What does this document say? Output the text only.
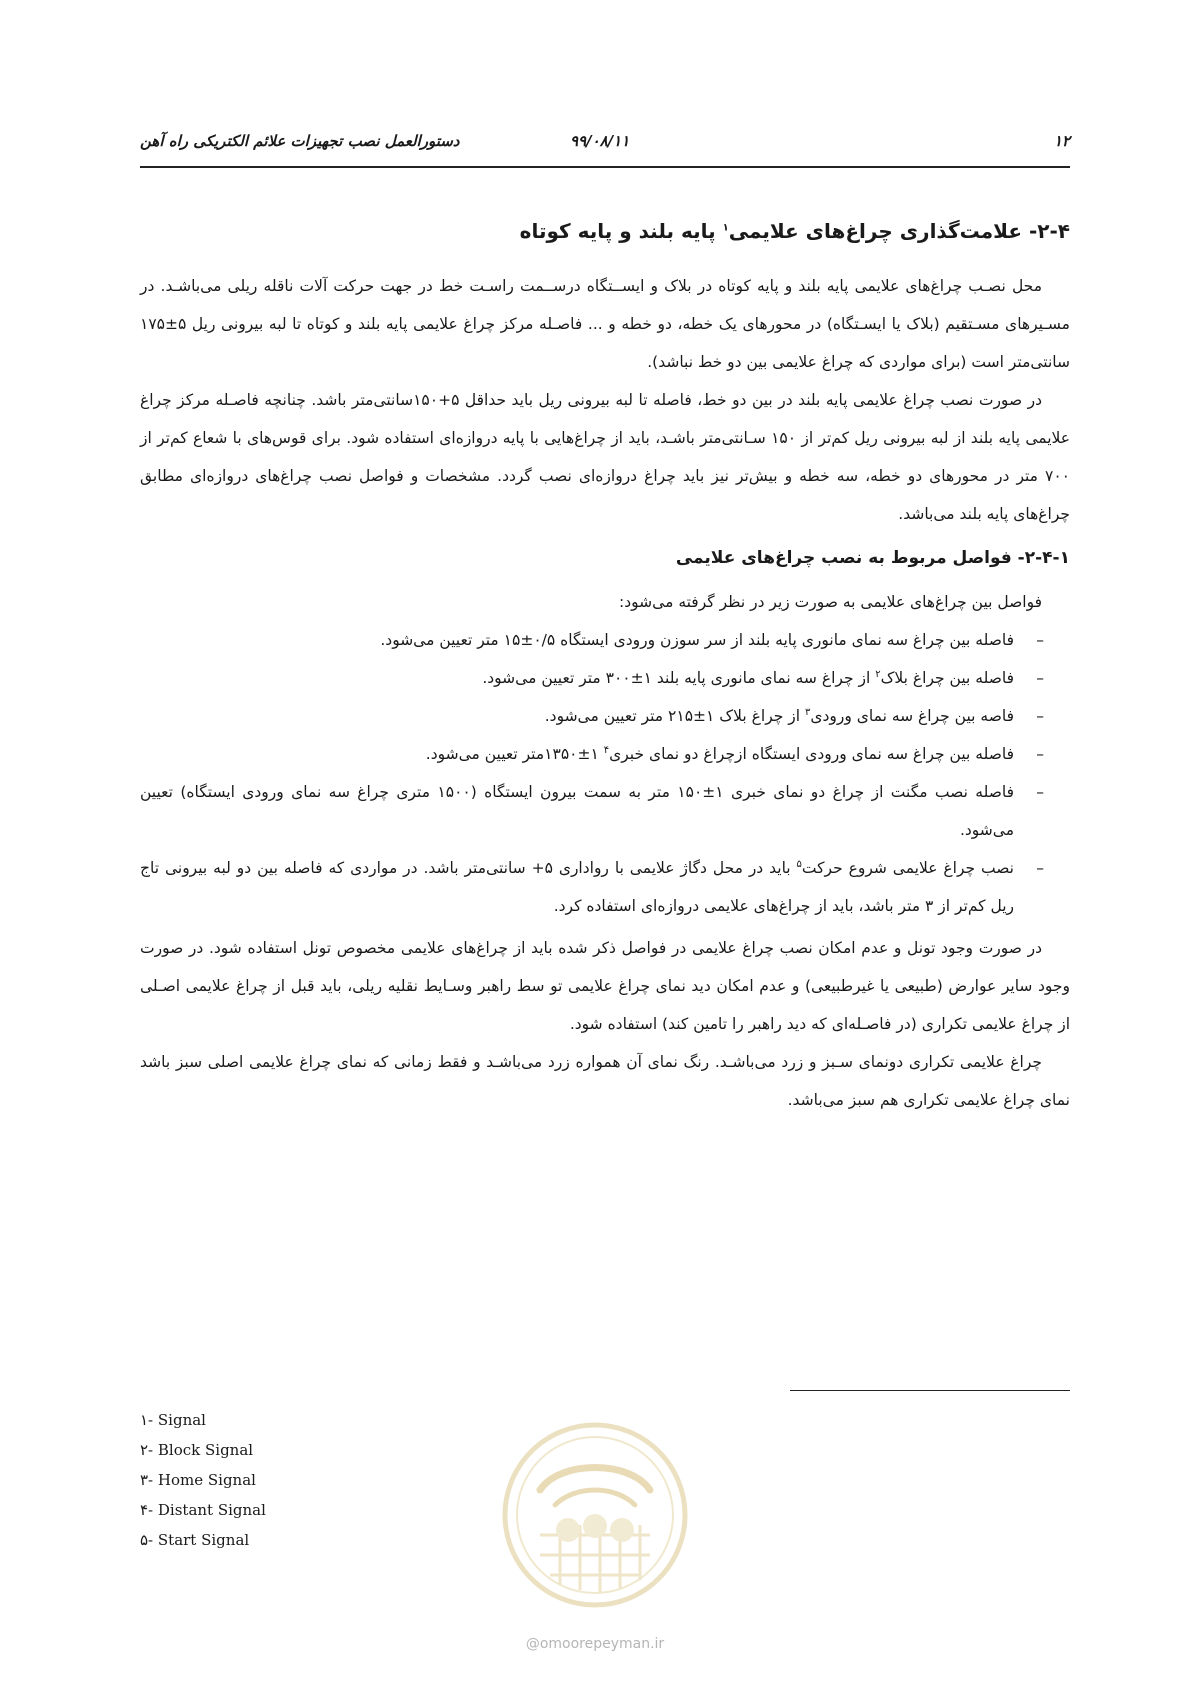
دستورالعمل نصب تجهیزات علائم الکتریکی راه آهن	۹۹/۰۸/۱۱	۱۲
۲-۴- علامت‌گذاری چراغ‌های علایمی$^۱$ پایه بلند و پایه کوتاه

محل نصـب چراغ‌های علایمی پایه بلند و پایه کوتاه در بلاک و ایســتگاه درســمت راسـت خط در جهت حرکت آلات ناقله ریلی می‌باشـد. در مسـیرهای مسـتقیم (بلاک یا ایسـتگاه) در محورهای یک خطه، دو خطه و ... فاصـله مرکز چراغ علایمی پایه بلند و کوتاه تا لبه بیرونی ریل ۵±۱۷۵ سانتی‌متر است (برای مواردی که چراغ علایمی بین دو خط نباشد).

در صورت نصب چراغ علایمی پایه بلند در بین دو خط، فاصله تا لبه بیرونی ریل باید حداقل ۵+۱۵۰سانتی‌متر باشد. چنانچه فاصـله مرکز چراغ علایمی پایه بلند از لبه بیرونی ریل کم‌تر از ۱۵۰ سـانتی‌متر باشـد، باید از چراغ‌هایی با پایه دروازه‌ای استفاده شود. برای قوس‌های با شعاع کم‌تر از ۷۰۰ متر در محورهای دو خطه، سه خطه و بیش‌تر نیز باید چراغ دروازه‌ای نصب گردد. مشخصات و فواصل نصب چراغ‌های دروازه‌ای مطابق چراغ‌های پایه بلند می‌باشد.

۲-۴-۱- فواصل مربوط به نصب چراغ‌های علایمی

فواصل بین چراغ‌های علایمی به صورت زیر در نظر گرفته می‌شود:

–
فاصله بین چراغ سه نمای مانوری پایه بلند از سر سوزن ورودی ایستگاه ۰/۵±۱۵ متر تعیین می‌شود.
–
فاصله بین چراغ بلاک$^۲$ از چراغ سه نمای مانوری پایه بلند ۱±۳۰۰ متر تعیین می‌شود.
–
فاصه بین چراغ سه نمای ورودی$^۳$ از چراغ بلاک ۱±۲۱۵ متر تعیین می‌شود.
–
فاصله بین چراغ سه نمای ورودی ایستگاه ازچراغ دو نمای خبری$^۴$ ۱±۱۳۵۰متر تعیین می‌شود.
–
فاصله نصب مگنت از چراغ دو نمای خبری ۱±۱۵۰ متر به سمت بیرون ایستگاه (۱۵۰۰ متری چراغ سه نمای ورودی ایستگاه) تعیین می‌شود.
–
نصب چراغ علایمی شروع حرکت$^۵$ باید در محل دگاژ علایمی با رواداری ۵+ سانتی‌متر باشد. در مواردی که فاصله بین دو لبه بیرونی تاج ریل کم‌تر از ۳ متر باشد، باید از چراغ‌های علایمی دروازه‌ای استفاده کرد.

در صورت وجود تونل و عدم امکان نصب چراغ علایمی در فواصل ذکر شده باید از چراغ‌های علایمی مخصوص تونل استفاده شود. در صورت وجود سایر عوارض (طبیعی یا غیرطبیعی) و عدم امکان دید نمای چراغ علایمی تو سط راهبر وسـایط نقلیه ریلی، باید قبل از چراغ علایمی اصـلی از چراغ علایمی تکراری (در فاصـله‌ای که دید راهبر را تامین کند) استفاده شود.

چراغ علایمی تکراری دونمای سـبز و زرد می‌باشـد. رنگ نمای آن همواره زرد می‌باشـد و فقط زمانی که نمای چراغ علایمی اصلی سبز باشد نمای چراغ علایمی تکراری هم سبز می‌باشد.

۱- Signal
۲- Block Signal
۳- Home Signal
۴- Distant Signal
۵- Start Signal
@omoorepeyman.ir
